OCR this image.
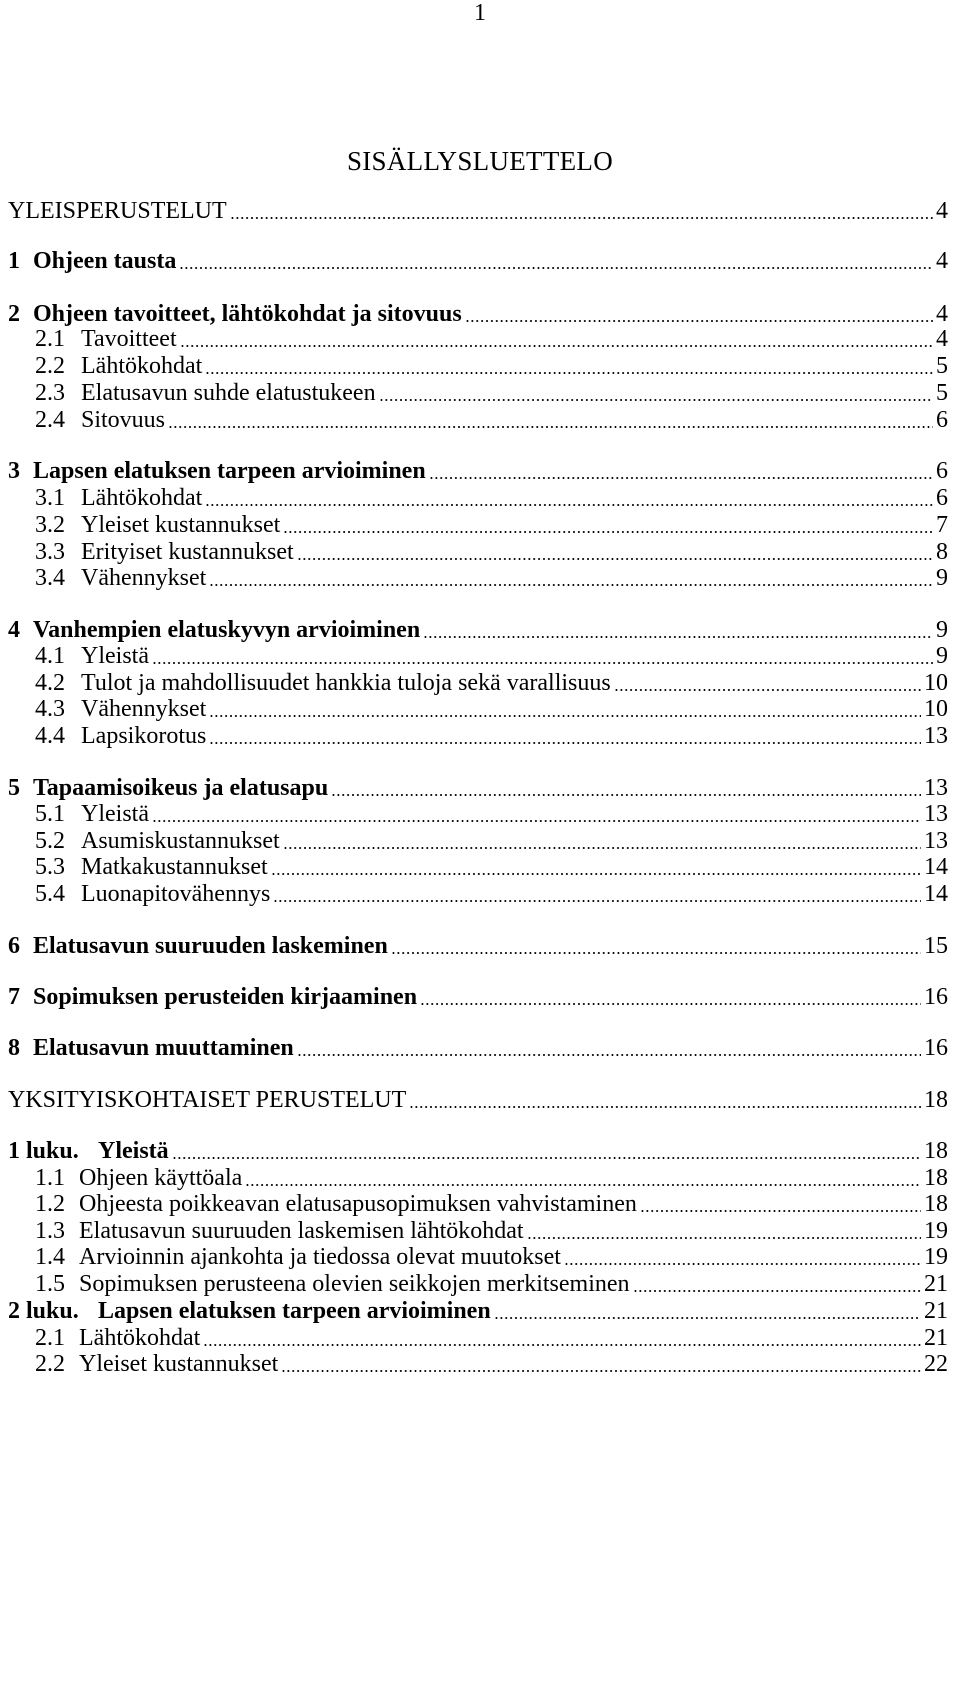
1
SISÄLLYSLUETTELO
YLEISPERUSTELUT	4
1 Ohjeen tausta	4
2 Ohjeen tavoitteet, lähtökohdat ja sitovuus	4
2.1 Tavoitteet	4
2.2 Lähtökohdat	5
2.3 Elatusavun suhde elatustukeen	5
2.4 Sitovuus	6
3 Lapsen elatuksen tarpeen arvioiminen	6
3.1 Lähtökohdat	6
3.2 Yleiset kustannukset	7
3.3 Erityiset kustannukset	8
3.4 Vähennykset	9
4 Vanhempien elatuskyvyn arvioiminen	9
4.1 Yleistä	9
4.2 Tulot ja mahdollisuudet hankkia tuloja sekä varallisuus	10
4.3 Vähennykset	10
4.4 Lapsikorotus	13
5 Tapaamisoikeus ja elatusapu	13
5.1 Yleistä	13
5.2 Asumiskustannukset	13
5.3 Matkakustannukset	14
5.4 Luonapitovähennys	14
6 Elatusavun suuruuden laskeminen	15
7 Sopimuksen perusteiden kirjaaminen	16
8 Elatusavun muuttaminen	16
YKSITYISKOHTAISET PERUSTELUT	18
1 luku. Yleistä	18
1.1 Ohjeen käyttöala	18
1.2 Ohjeesta poikkeavan elatusapusopimuksen vahvistaminen	18
1.3 Elatusavun suuruuden laskemisen lähtökohdat	19
1.4 Arvioinnin ajankohta ja tiedossa olevat muutokset	19
1.5 Sopimuksen perusteena olevien seikkojen merkitseminen	21
2 luku. Lapsen elatuksen tarpeen arvioiminen	21
2.1 Lähtökohdat	21
2.2 Yleiset kustannukset	22
